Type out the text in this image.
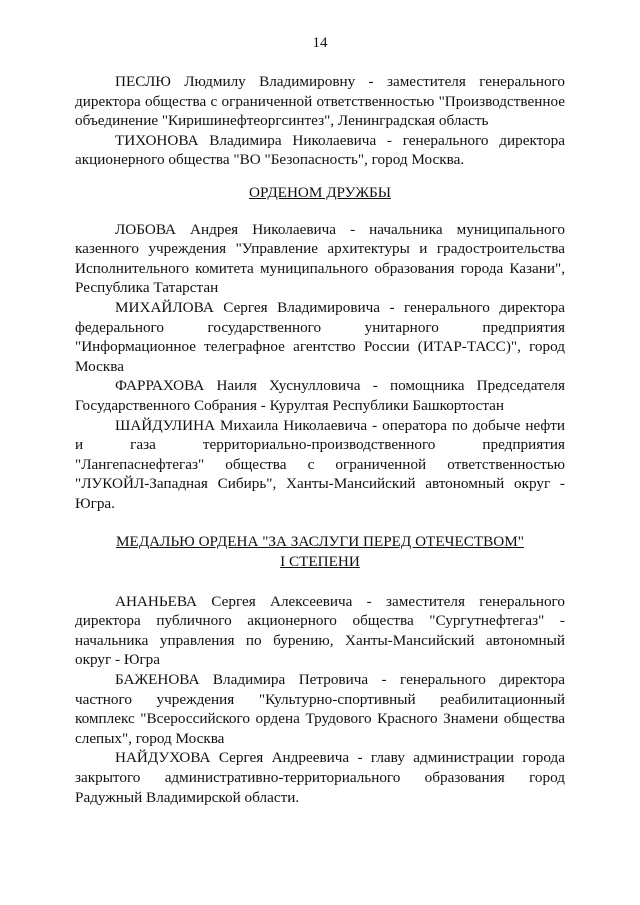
14

ПЕСЛЮ Людмилу Владимировну - заместителя генерального директора общества с ограниченной ответственностью "Производственное объединение "Киришинефтеоргсинтез", Ленинградская область

ТИХОНОВА Владимира Николаевича - генерального директора акционерного общества "ВО "Безопасность", город Москва.

ОРДЕНОМ ДРУЖБЫ

ЛОБОВА Андрея Николаевича - начальника муниципального казенного учреждения "Управление архитектуры и градостроительства Исполнительного комитета муниципального образования города Казани", Республика Татарстан

МИХАЙЛОВА Сергея Владимировича - генерального директора федерального государственного унитарного предприятия "Информационное телеграфное агентство России (ИТАР-ТАСС)", город Москва

ФАРРАХОВА Наиля Хуснулловича - помощника Председателя Государственного Собрания - Курултая Республики Башкортостан

ШАЙДУЛИНА Михаила Николаевича - оператора по добыче нефти и газа территориально-производственного предприятия "Лангепаснефтегаз" общества с ограниченной ответственностью "ЛУКОЙЛ-Западная Сибирь", Ханты-Мансийский автономный округ - Югра.

МЕДАЛЬЮ ОРДЕНА "ЗА ЗАСЛУГИ ПЕРЕД ОТЕЧЕСТВОМ"
I СТЕПЕНИ

АНАНЬЕВА Сергея Алексеевича - заместителя генерального директора публичного акционерного общества "Сургутнефтегаз" - начальника управления по бурению, Ханты-Мансийский автономный округ - Югра

БАЖЕНОВА Владимира Петровича - генерального директора частного учреждения "Культурно-спортивный реабилитационный комплекс "Всероссийского ордена Трудового Красного Знамени общества слепых", город Москва

НАЙДУХОВА Сергея Андреевича - главу администрации города закрытого административно-территориального образования город Радужный Владимирской области.
